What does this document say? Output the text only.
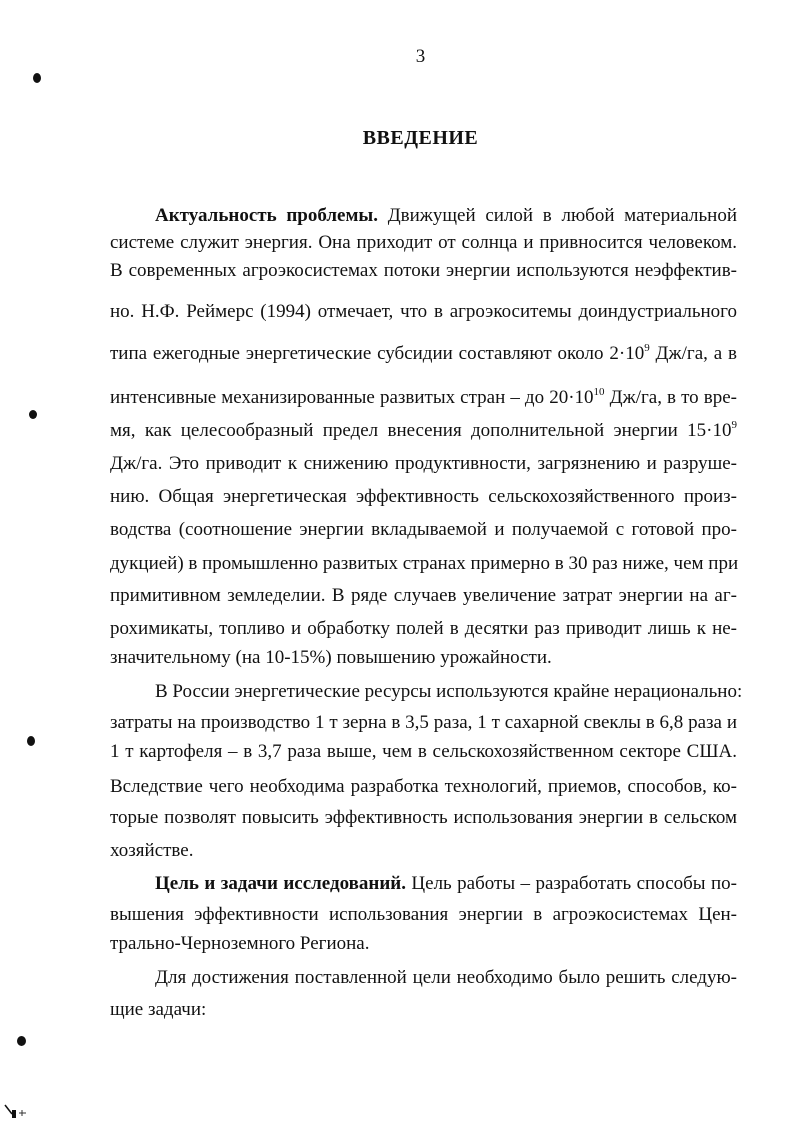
3
ВВЕДЕНИЕ
Актуальность проблемы. Движущей силой в любой материальной
системе служит энергия. Она приходит от солнца и привносится человеком.
В современных агроэкосистемах потоки энергии используются неэффектив-
но. Н.Ф. Реймерс (1994) отмечает, что в агроэкоситемы доиндустриального
типа ежегодные энергетические субсидии составляют около $2\cdot 10^9$ Дж/га, а в
интенсивные механизированные развитых стран – до $20\cdot 10^{10}$ Дж/га, в то вре-
мя, как целесообразный предел внесения дополнительной энергии $15\cdot 10^9$
Дж/га. Это приводит к снижению продуктивности, загрязнению и разруше-
нию. Общая энергетическая эффективность сельскохозяйственного произ-
водства (соотношение энергии вкладываемой и получаемой с готовой про-
дукцией) в промышленно развитых странах примерно в 30 раз ниже, чем при
примитивном земледелии. В ряде случаев увеличение затрат энергии на аг-
рохимикаты, топливо и обработку полей в десятки раз приводит лишь к не-
значительному (на 10-15%) повышению урожайности.
В России энергетические ресурсы используются крайне нерационально:
затраты на производство 1 т зерна в 3,5 раза, 1 т сахарной свеклы в 6,8 раза и
1 т картофеля – в 3,7 раза выше, чем в сельскохозяйственном секторе США.
Вследствие чего необходима разработка технологий, приемов, способов, ко-
торые позволят повысить эффективность использования энергии в сельском
хозяйстве.
Цель и задачи исследований. Цель работы – разработать способы по-
вышения эффективности использования энергии в агроэкосистемах Цен-
трально-Черноземного Региона.
Для достижения поставленной цели необходимо было решить следую-
щие задачи:
